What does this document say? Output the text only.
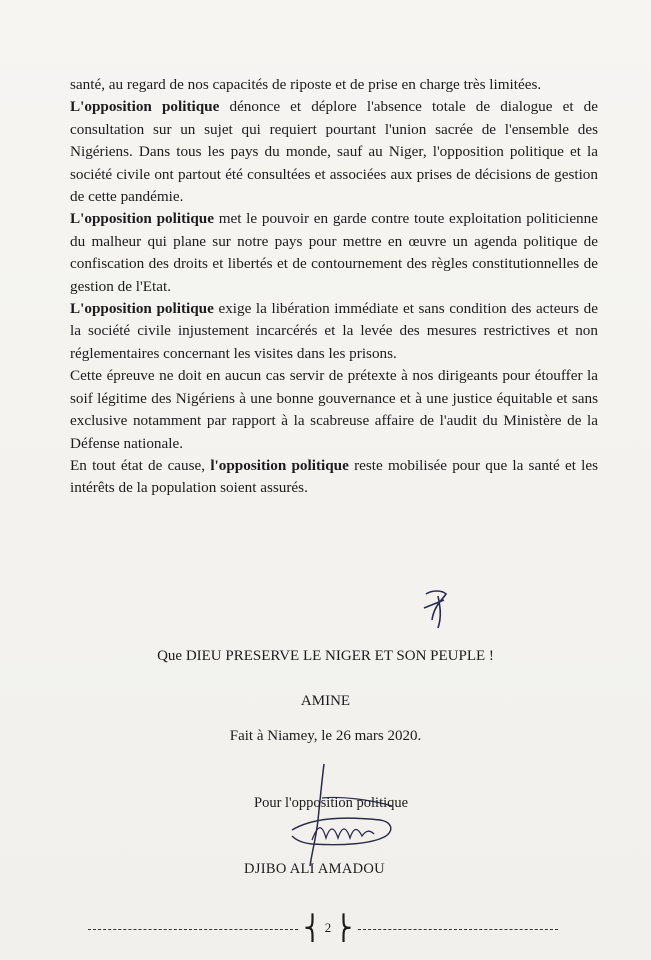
santé, au regard de nos capacités de riposte et de prise en charge très limitées.

L'opposition politique dénonce et déplore l'absence totale de dialogue et de consultation sur un sujet qui requiert pourtant l'union sacrée de l'ensemble des Nigériens. Dans tous les pays du monde, sauf au Niger, l'opposition politique et la société civile ont partout été consultées et associées aux prises de décisions de gestion de cette pandémie.

L'opposition politique met le pouvoir en garde contre toute exploitation politicienne du malheur qui plane sur notre pays pour mettre en œuvre un agenda politique de confiscation des droits et libertés et de contournement des règles constitutionnelles de gestion de l'Etat.

L'opposition politique exige la libération immédiate et sans condition des acteurs de la société civile injustement incarcérés et la levée des mesures restrictives et non réglementaires concernant les visites dans les prisons.

Cette épreuve ne doit en aucun cas servir de prétexte à nos dirigeants pour étouffer la soif légitime des Nigériens à une bonne gouvernance et à une justice équitable et sans exclusive notamment par rapport à la scabreuse affaire de l'audit du Ministère de la Défense nationale.

En tout état de cause, l'opposition politique reste mobilisée pour que la santé et les intérêts de la population soient assurés.

Que DIEU PRESERVE LE NIGER ET SON PEUPLE !
AMINE
Fait à Niamey, le 26 mars 2020.
Pour l'opposition politique
DJIBO ALI AMADOU
⎨ 2 ⎬
